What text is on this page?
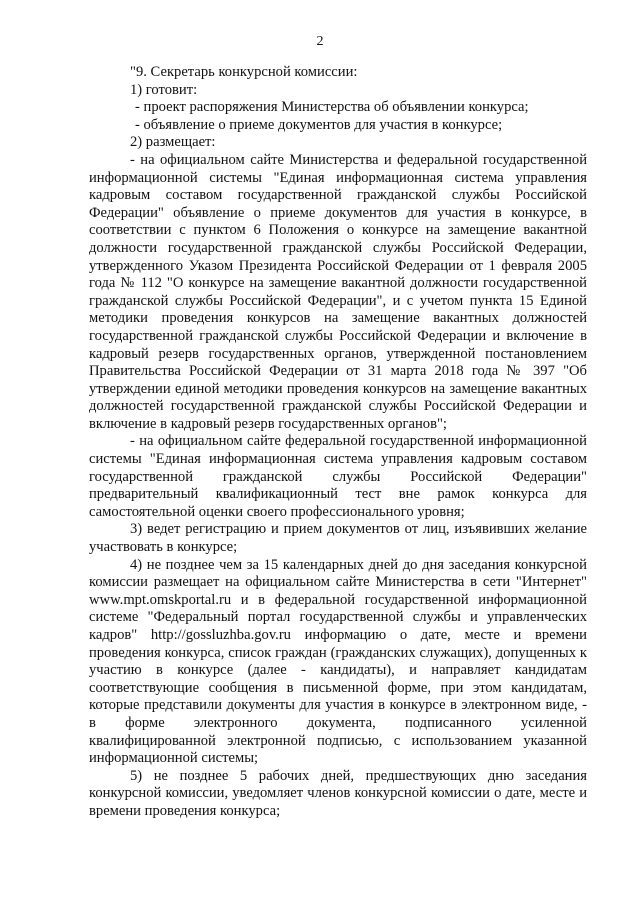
2

"9. Секретарь конкурсной комиссии:

1) готовит:

- проект распоряжения Министерства об объявлении конкурса;

- объявление о приеме документов для участия в конкурсе;

2) размещает:

- на официальном сайте Министерства и федеральной государственной информационной системы "Единая информационная система управления кадровым составом государственной гражданской службы Российской Федерации" объявление о приеме документов для участия в конкурсе, в соответствии с пунктом 6 Положения о конкурсе на замещение вакантной должности государственной гражданской службы Российской Федерации, утвержденного Указом Президента Российской Федерации от 1 февраля 2005 года № 112 "О конкурсе на замещение вакантной должности государственной гражданской службы Российской Федерации", и с учетом пункта 15 Единой методики проведения конкурсов на замещение вакантных должностей государственной гражданской службы Российской Федерации и включение в кадровый резерв государственных органов, утвержденной постановлением Правительства Российской Федерации от 31 марта 2018 года № 397 "Об утверждении единой методики проведения конкурсов на замещение вакантных должностей государственной гражданской службы Российской Федерации и включение в кадровый резерв государственных органов";

- на официальном сайте федеральной государственной информационной системы "Единая информационная система управления кадровым составом государственной гражданской службы Российской Федерации" предварительный квалификационный тест вне рамок конкурса для самостоятельной оценки своего профессионального уровня;

3) ведет регистрацию и прием документов от лиц, изъявивших желание участвовать в конкурсе;

4) не позднее чем за 15 календарных дней до дня заседания конкурсной комиссии размещает на официальном сайте Министерства в сети "Интернет" www.mpt.omskportal.ru и в федеральной государственной информационной системе "Федеральный портал государственной службы и управленческих кадров" http://gossluzhba.gov.ru информацию о дате, месте и времени проведения конкурса, список граждан (гражданских служащих), допущенных к участию в конкурсе (далее - кандидаты), и направляет кандидатам соответствующие сообщения в письменной форме, при этом кандидатам, которые представили документы для участия в конкурсе в электронном виде, - в форме электронного документа, подписанного усиленной квалифицированной электронной подписью, с использованием указанной информационной системы;

5) не позднее 5 рабочих дней, предшествующих дню заседания конкурсной комиссии, уведомляет членов конкурсной комиссии о дате, месте и времени проведения конкурса;
